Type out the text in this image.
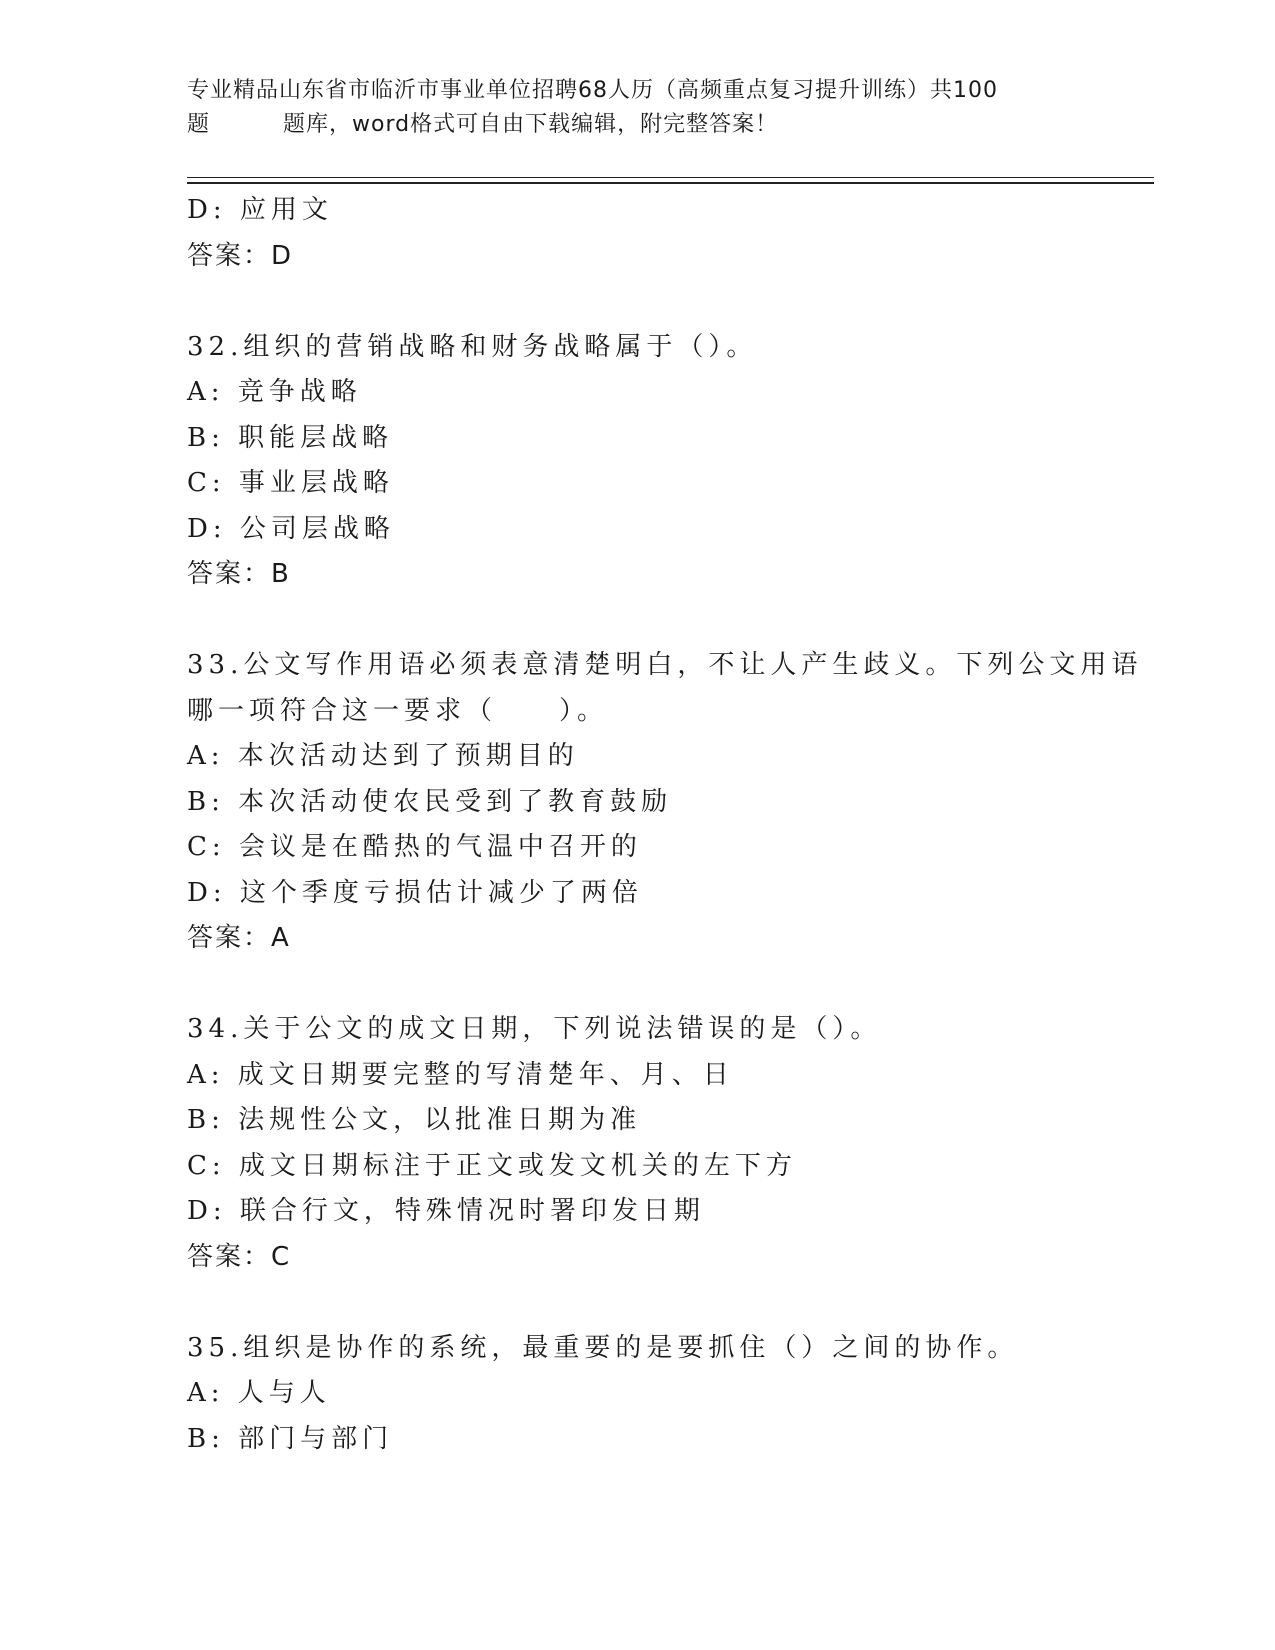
专业精品山东省市临沂市事业单位招聘68人历（高频重点复习提升训练）共100
题	题库，word格式可自由下载编辑，附完整答案！
D: 应用文
答案：D
32.组织的营销战略和财务战略属于（）。
A: 竞争战略
B: 职能层战略
C: 事业层战略
D: 公司层战略
答案：B
33.公文写作用语必须表意清楚明白，不让人产生歧义。下列公文用语
哪一项符合这一要求（　　）。
A: 本次活动达到了预期目的
B: 本次活动使农民受到了教育鼓励
C: 会议是在酷热的气温中召开的
D: 这个季度亏损估计减少了两倍
答案：A
34.关于公文的成文日期，下列说法错误的是（）。
A: 成文日期要完整的写清楚年、月、日
B: 法规性公文，以批准日期为准
C: 成文日期标注于正文或发文机关的左下方
D: 联合行文，特殊情况时署印发日期
答案：C
35.组织是协作的系统，最重要的是要抓住（）之间的协作。
A: 人与人
B: 部门与部门
